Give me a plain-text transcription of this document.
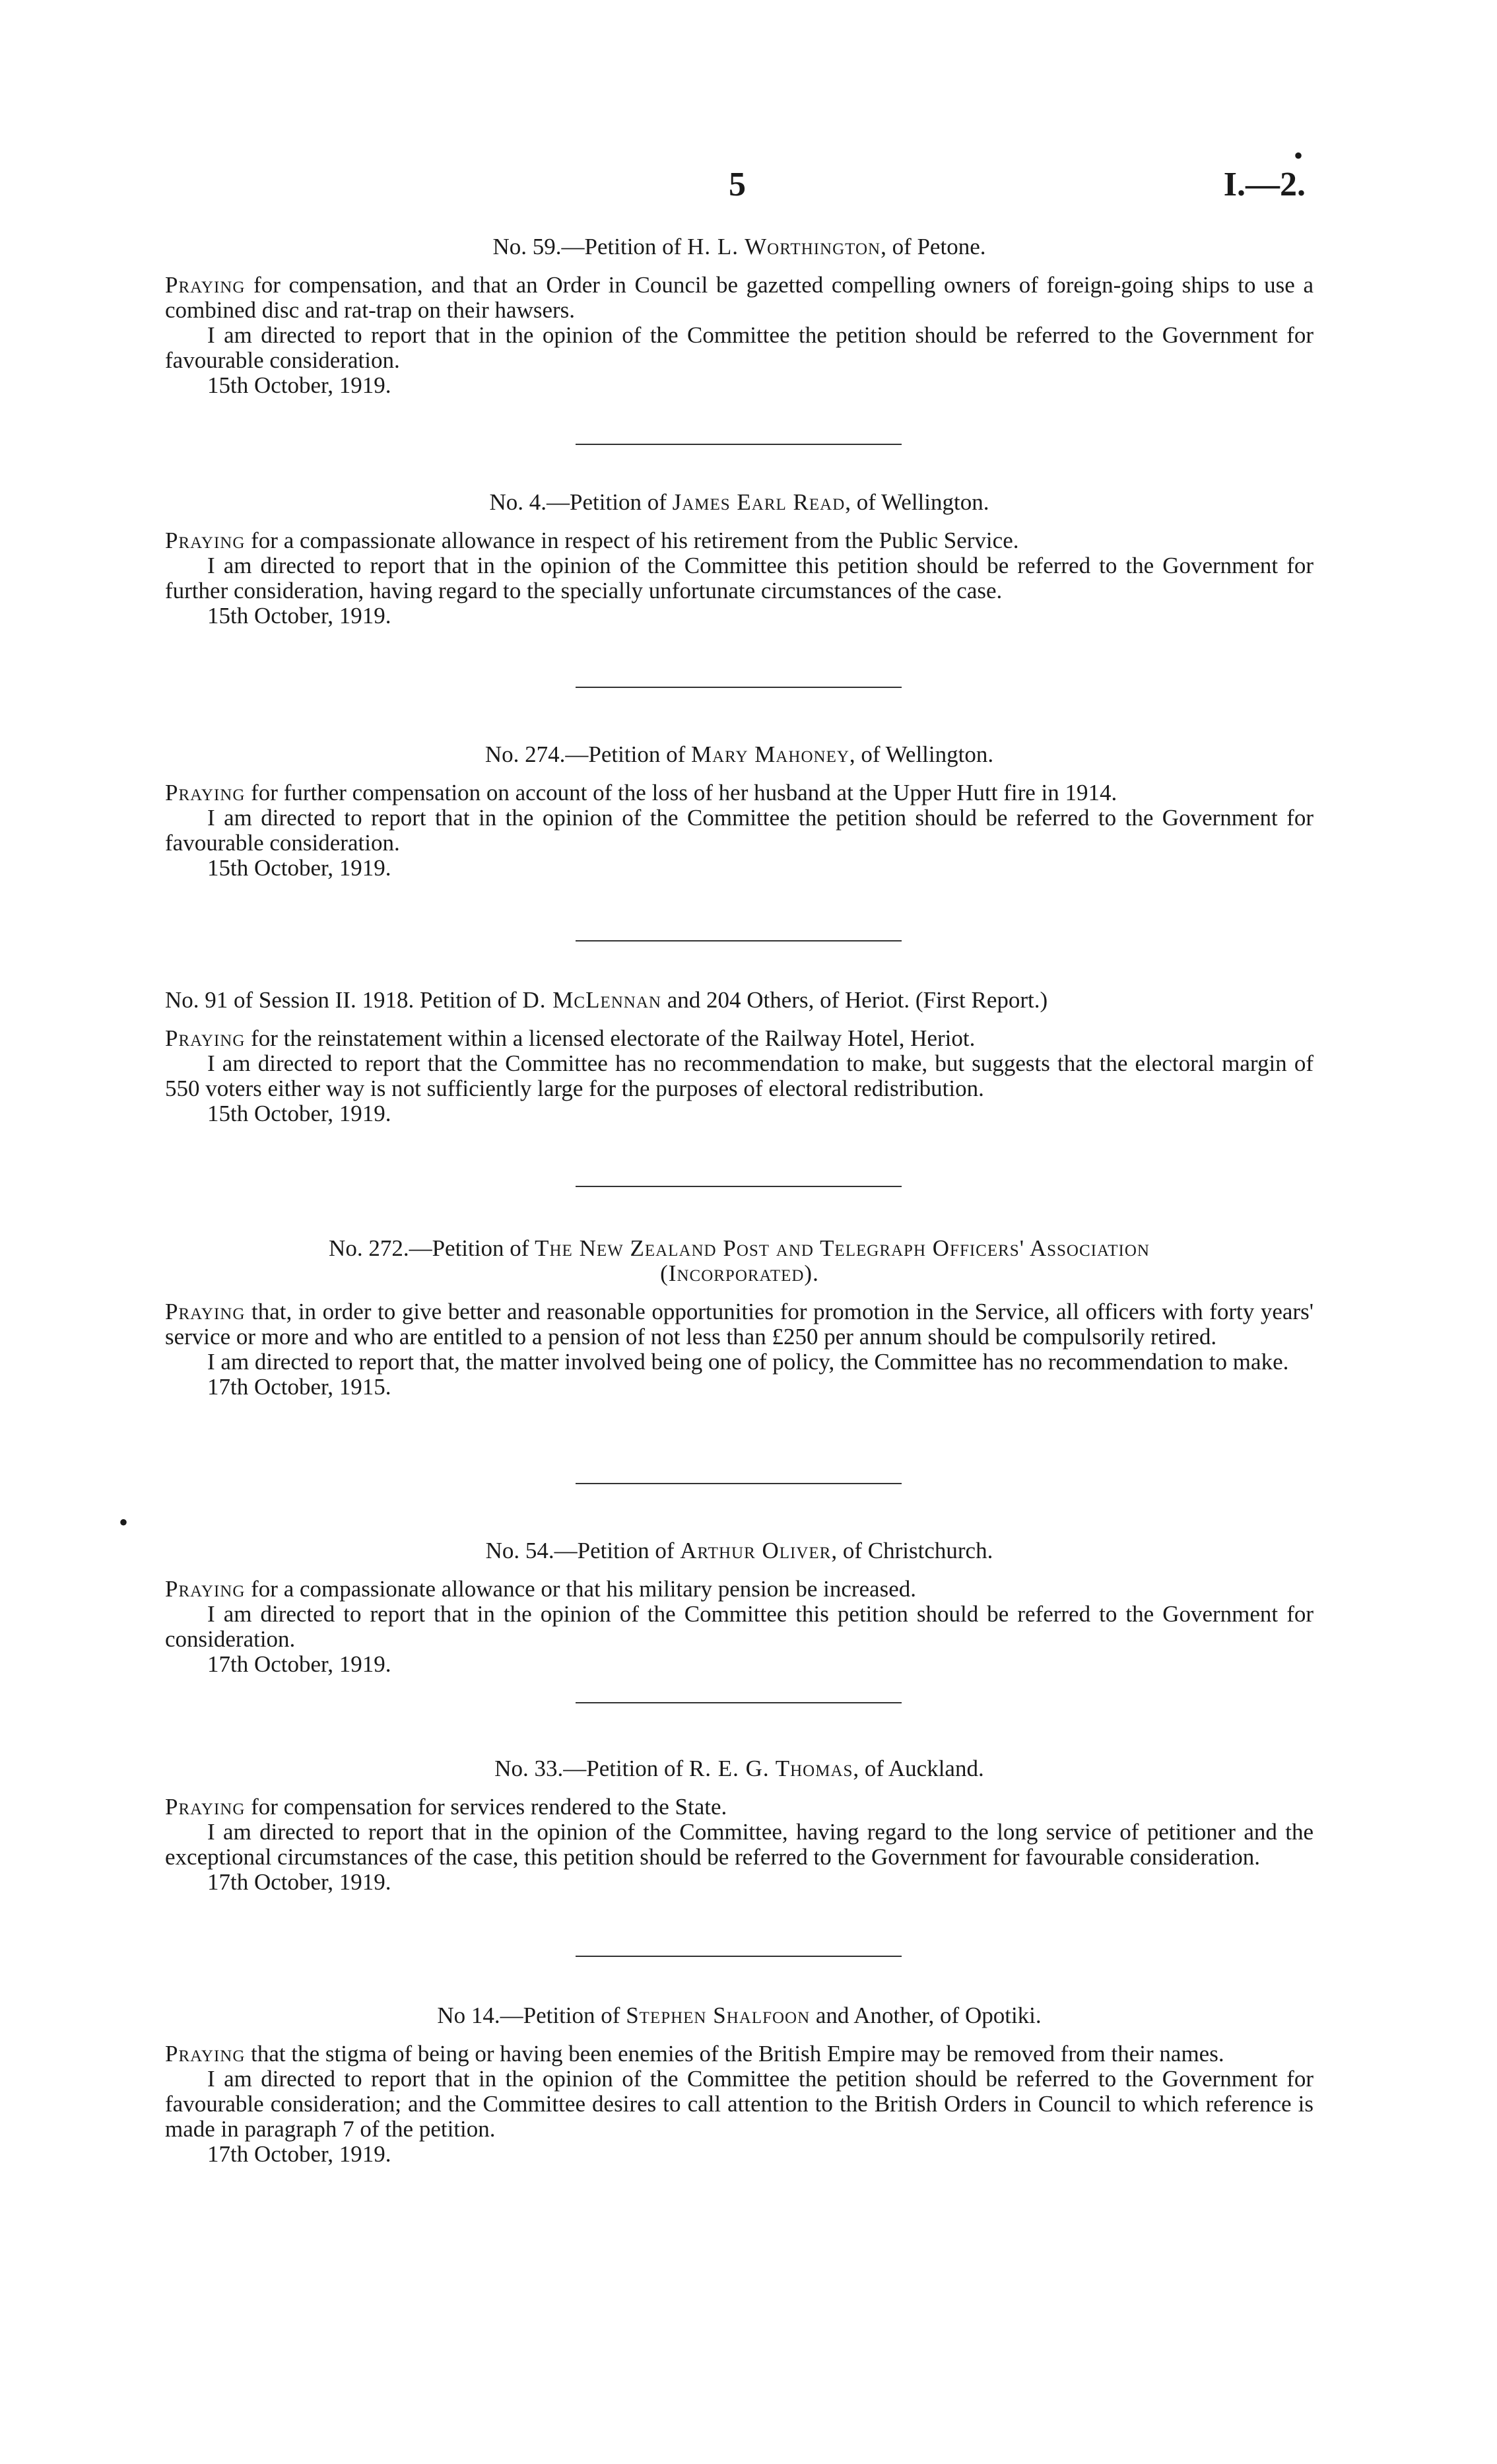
•
5	I.—2.

No. 59.—Petition of H. L. Worthington, of Petone.

Praying for compensation, and that an Order in Council be gazetted compelling owners of foreign-going ships to use a combined disc and rat-trap on their hawsers.

I am directed to report that in the opinion of the Committee the petition should be referred to the Government for favourable consideration.

15th October, 1919.

No. 4.—Petition of James Earl Read, of Wellington.

Praying for a compassionate allowance in respect of his retirement from the Public Service.

I am directed to report that in the opinion of the Committee this petition should be referred to the Government for further consideration, having regard to the specially unfortunate circumstances of the case.

15th October, 1919.

No. 274.—Petition of Mary Mahoney, of Wellington.

Praying for further compensation on account of the loss of her husband at the Upper Hutt fire in 1914.

I am directed to report that in the opinion of the Committee the petition should be referred to the Government for favourable consideration.

15th October, 1919.

No. 91 of Session II. 1918. Petition of D. McLennan and 204 Others, of Heriot. (First Report.)

Praying for the reinstatement within a licensed electorate of the Railway Hotel, Heriot.

I am directed to report that the Committee has no recommendation to make, but suggests that the electoral margin of 550 voters either way is not sufficiently large for the purposes of electoral redistribution.

15th October, 1919.

No. 272.—Petition of The New Zealand Post and Telegraph Officers' Association (Incorporated).

Praying that, in order to give better and reasonable opportunities for promotion in the Service, all officers with forty years' service or more and who are entitled to a pension of not less than £250 per annum should be compulsorily retired.

I am directed to report that, the matter involved being one of policy, the Committee has no recommendation to make.

17th October, 1915.

•

No. 54.—Petition of Arthur Oliver, of Christchurch.

Praying for a compassionate allowance or that his military pension be increased.

I am directed to report that in the opinion of the Committee this petition should be referred to the Government for consideration.

17th October, 1919.

No. 33.—Petition of R. E. G. Thomas, of Auckland.

Praying for compensation for services rendered to the State.

I am directed to report that in the opinion of the Committee, having regard to the long service of petitioner and the exceptional circumstances of the case, this petition should be referred to the Government for favourable consideration.

17th October, 1919.

No 14.—Petition of Stephen Shalfoon and Another, of Opotiki.

Praying that the stigma of being or having been enemies of the British Empire may be removed from their names.

I am directed to report that in the opinion of the Committee the petition should be referred to the Government for favourable consideration; and the Committee desires to call attention to the British Orders in Council to which reference is made in paragraph 7 of the petition.

17th October, 1919.
